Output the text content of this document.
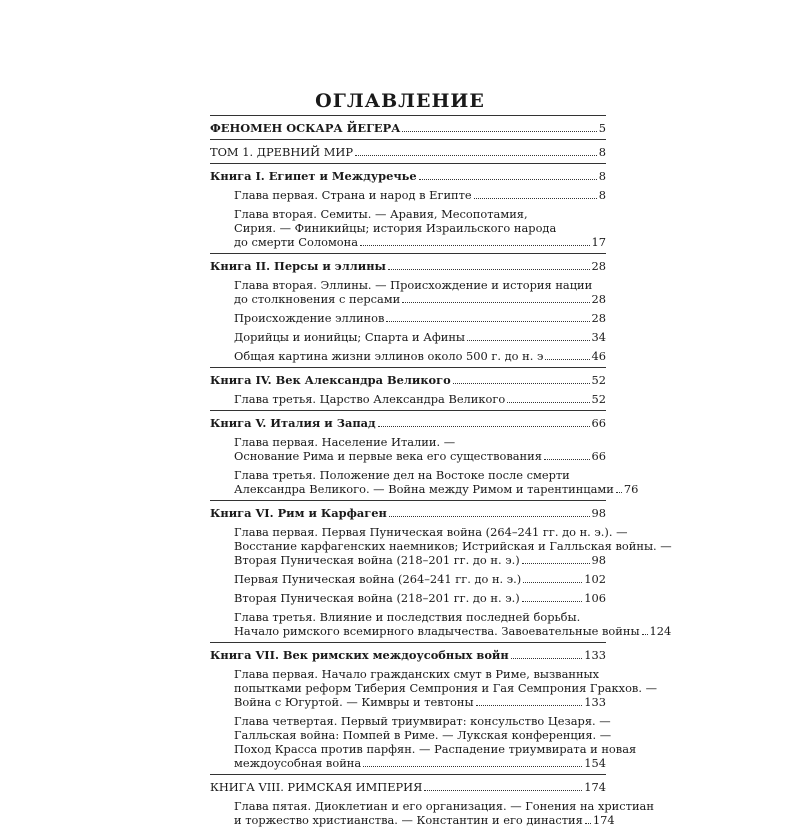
ОГЛАВЛЕНИЕ
ФЕНОМЕН ОСКАРА ЙЕГЕРА	5
ТОМ 1. ДРЕВНИЙ МИР	8
Книга I. Египет и Междуречье	8
Глава первая. Страна и народ в Египте	8
Глава вторая. Семиты. — Аравия, Месопотамия,
Сирия. — Финикийцы; история Израильского народа
до смерти Соломона	17
Книга II. Персы и эллины	28
Глава вторая. Эллины. — Происхождение и история нации
до столкновения с персами	28
Происхождение эллинов	28
Дорийцы и ионийцы; Спарта и Афины	34
Общая картина жизни эллинов около 500 г. до н. э	46
Книга IV. Век Александра Великого	52
Глава третья. Царство Александра Великого	52
Книга V. Италия и Запад	66
Глава первая. Население Италии. —
Основание Рима и первые века его существования	66
Глава третья. Положение дел на Востоке после смерти
Александра Великого. — Война между Римом и тарентинцами 76
Книга VI. Рим и Карфаген	98
Глава первая. Первая Пуническая война (264–241 гг. до н. э.). —
Восстание карфагенских наемников; Истрийская и Галльская войны. —
Вторая Пуническая война (218–201 гг. до н. э.)	98
Первая Пуническая война (264–241 гг. до н. э.)	102
Вторая Пуническая война (218–201 гг. до н. э.)	106
Глава третья. Влияние и последствия последней борьбы.
Начало римского всемирного владычества. Завоевательные войны 124
Книга VII. Век римских междоусобных войн	133
Глава первая. Начало гражданских смут в Риме, вызванных
попытками реформ Тиберия Семпрония и Гая Семпрония Гракхов. —
Война с Югуртой. — Кимвры и тевтоны	133
Глава четвертая. Первый триумвират: консульство Цезаря. —
Галльская война: Помпей в Риме. — Лукская конференция. —
Поход Красса против парфян. — Распадение триумвирата и новая
междоусобная война	154
КНИГА VIII. РИМСКАЯ ИМПЕРИЯ	174
Глава пятая. Диоклетиан и его организация. — Гонения на христиан
и торжество христианства. — Константин и его династия 174
